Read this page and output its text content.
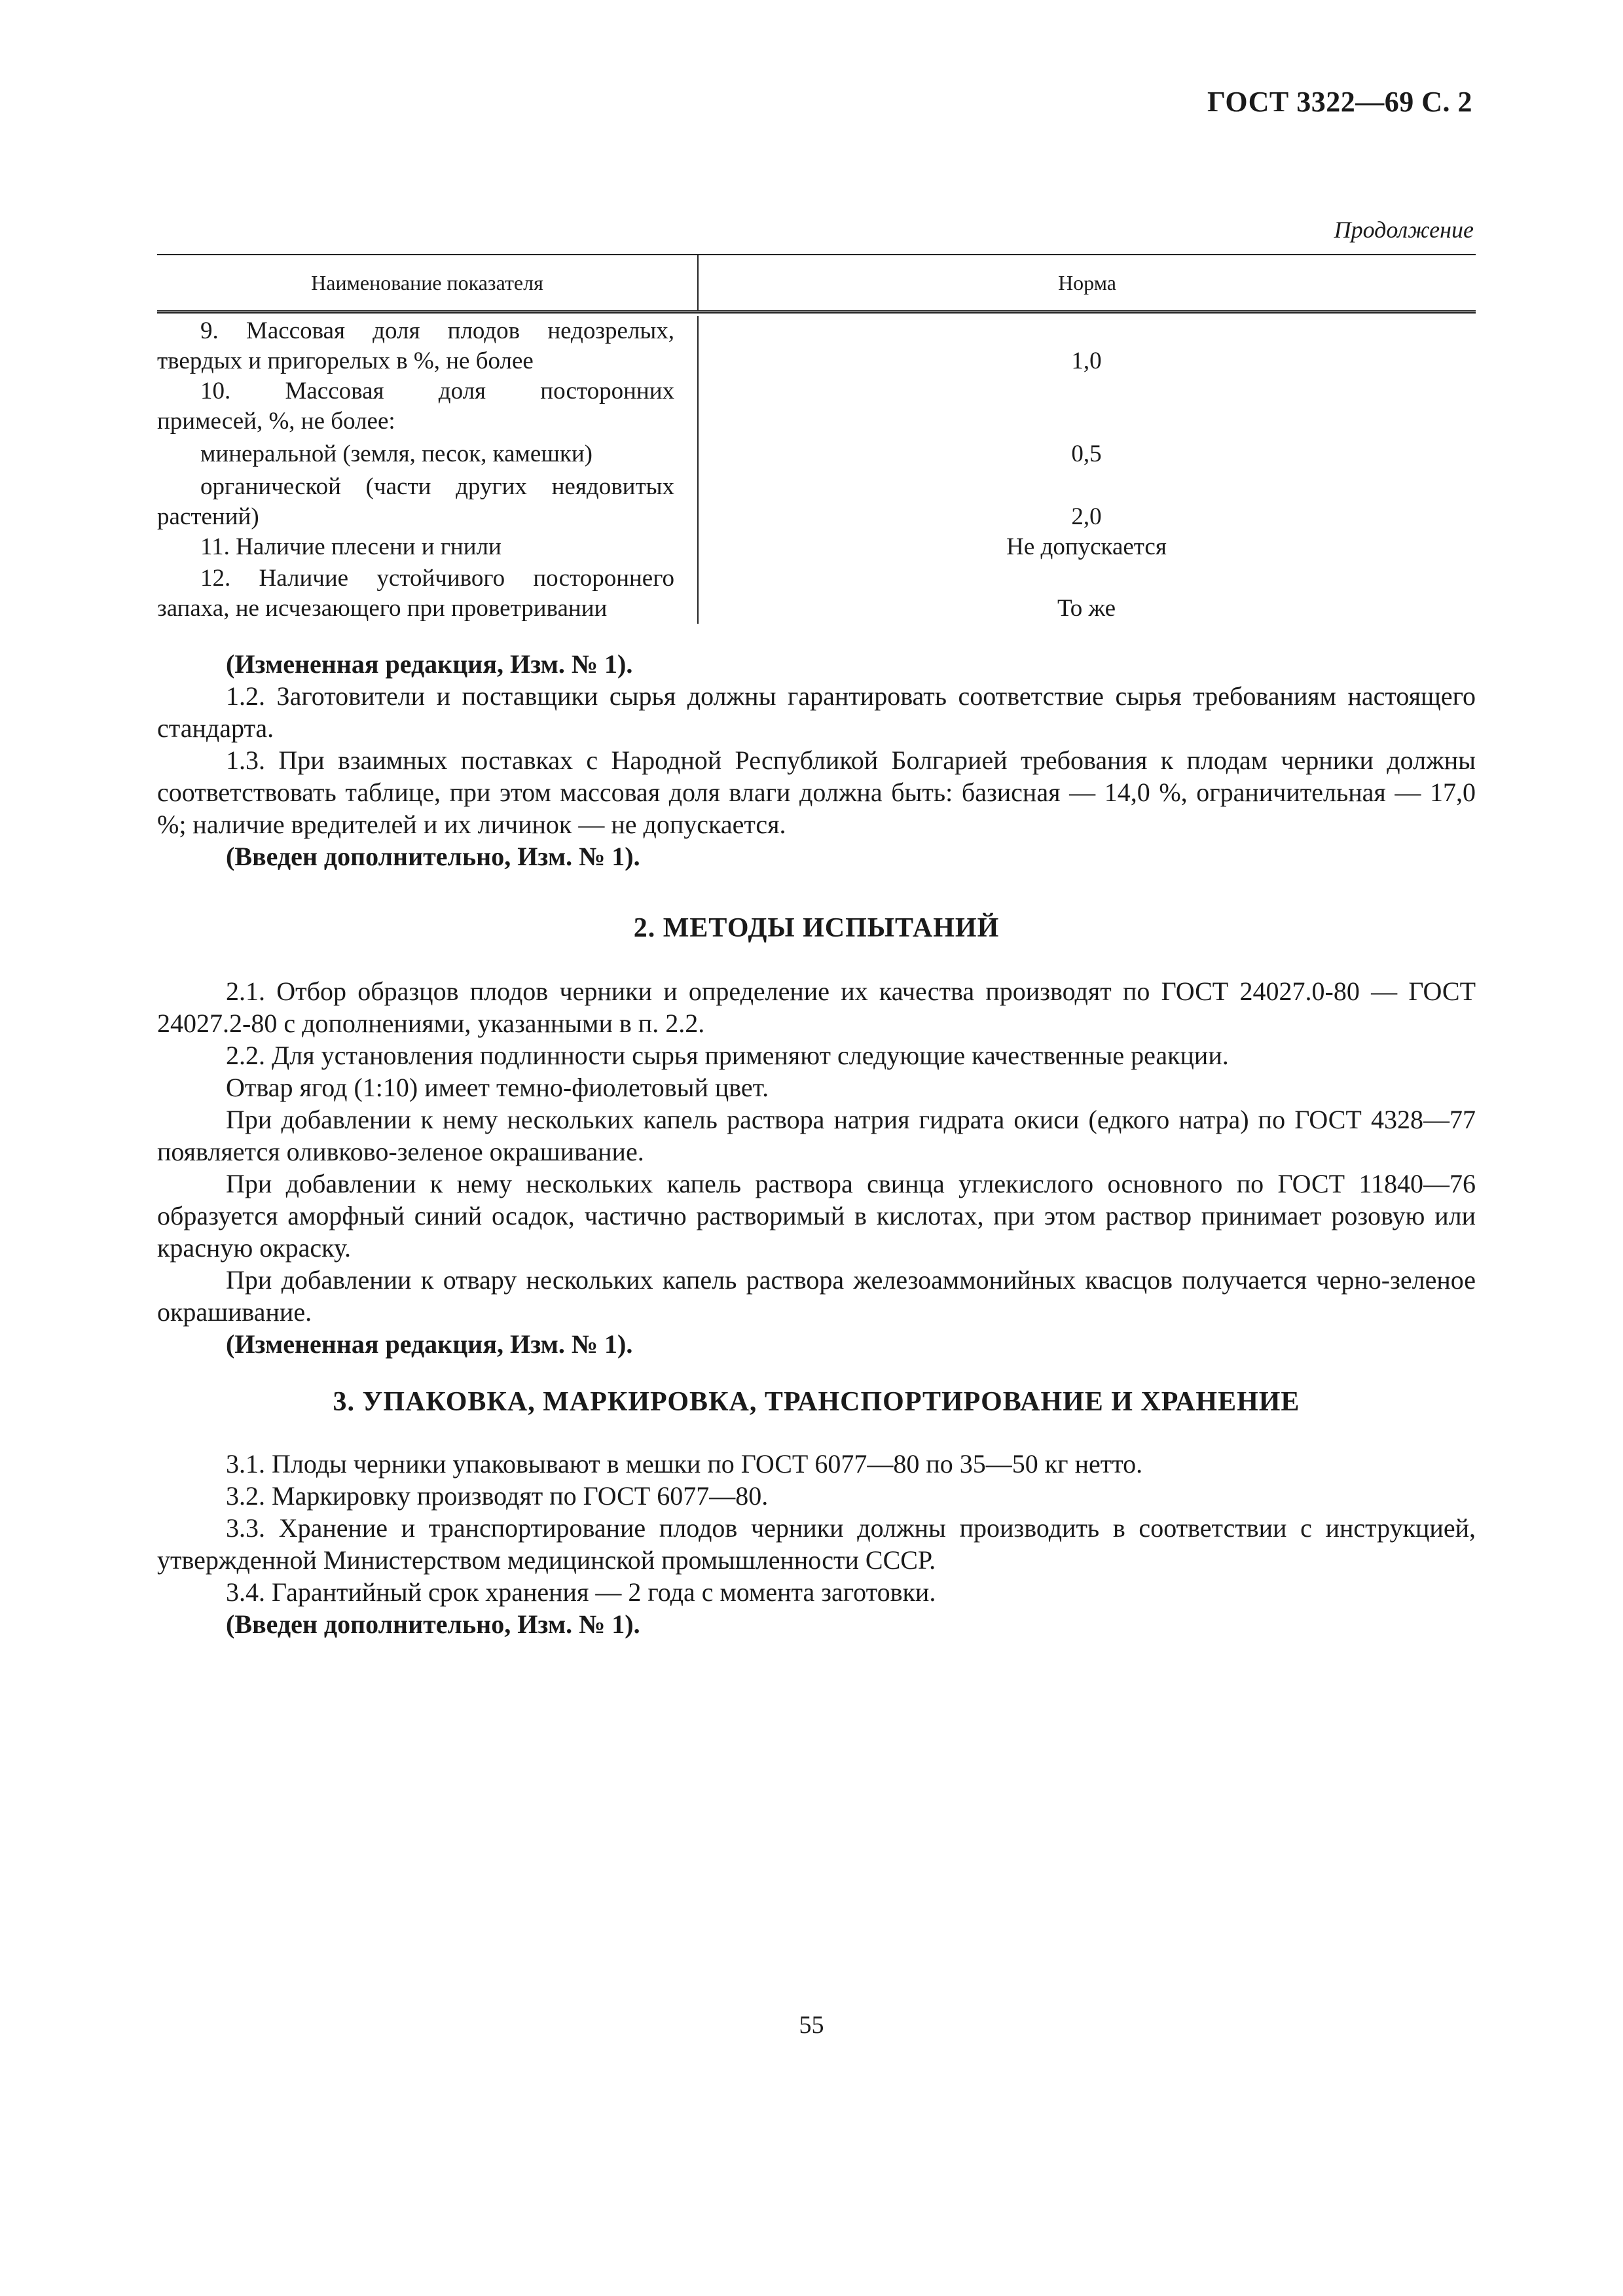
ГОСТ 3322—69 С. 2
Продолжение
Наименование показателя	Норма
9. Массовая доля плодов недозрелых,
твердых и пригорелых в %, не более	1,0
10. Массовая доля посторонних
примесей, %, не более:
минеральной (земля, песок, камешки)	0,5
органической (части других неядовитых
растений)	2,0
11. Наличие плесени и гнили	Не допускается
12. Наличие устойчивого постороннего
запаха, не исчезающего при проветривании	То же

(Измененная редакция, Изм. № 1).

1.2. Заготовители и поставщики сырья должны гарантировать соответствие сырья требованиям настоящего стандарта.

1.3. При взаимных поставках с Народной Республикой Болгарией требования к плодам черники должны соответствовать таблице, при этом массовая доля влаги должна быть: базисная — 14,0 %, ограничительная — 17,0 %; наличие вредителей и их личинок — не допускается.

(Введен дополнительно, Изм. № 1).

2. МЕТОДЫ ИСПЫТАНИЙ

2.1. Отбор образцов плодов черники и определение их качества производят по ГОСТ 24027.0-80 — ГОСТ 24027.2-80 с дополнениями, указанными в п. 2.2.

2.2. Для установления подлинности сырья применяют следующие качественные реакции.

Отвар ягод (1:10) имеет темно-фиолетовый цвет.

При добавлении к нему нескольких капель раствора натрия гидрата окиси (едкого натра) по ГОСТ 4328—77 появляется оливково-зеленое окрашивание.

При добавлении к нему нескольких капель раствора свинца углекислого основного по ГОСТ 11840—76 образуется аморфный синий осадок, частично растворимый в кислотах, при этом раствор принимает розовую или красную окраску.

При добавлении к отвару нескольких капель раствора железоаммонийных квасцов получается черно-зеленое окрашивание.

(Измененная редакция, Изм. № 1).

3. УПАКОВКА, МАРКИРОВКА, ТРАНСПОРТИРОВАНИЕ И ХРАНЕНИЕ

3.1. Плоды черники упаковывают в мешки по ГОСТ 6077—80 по 35—50 кг нетто.

3.2. Маркировку производят по ГОСТ 6077—80.

3.3. Хранение и транспортирование плодов черники должны производить в соответствии с инструкцией, утвержденной Министерством медицинской промышленности СССР.

3.4. Гарантийный срок хранения — 2 года с момента заготовки.

(Введен дополнительно, Изм. № 1).

55
